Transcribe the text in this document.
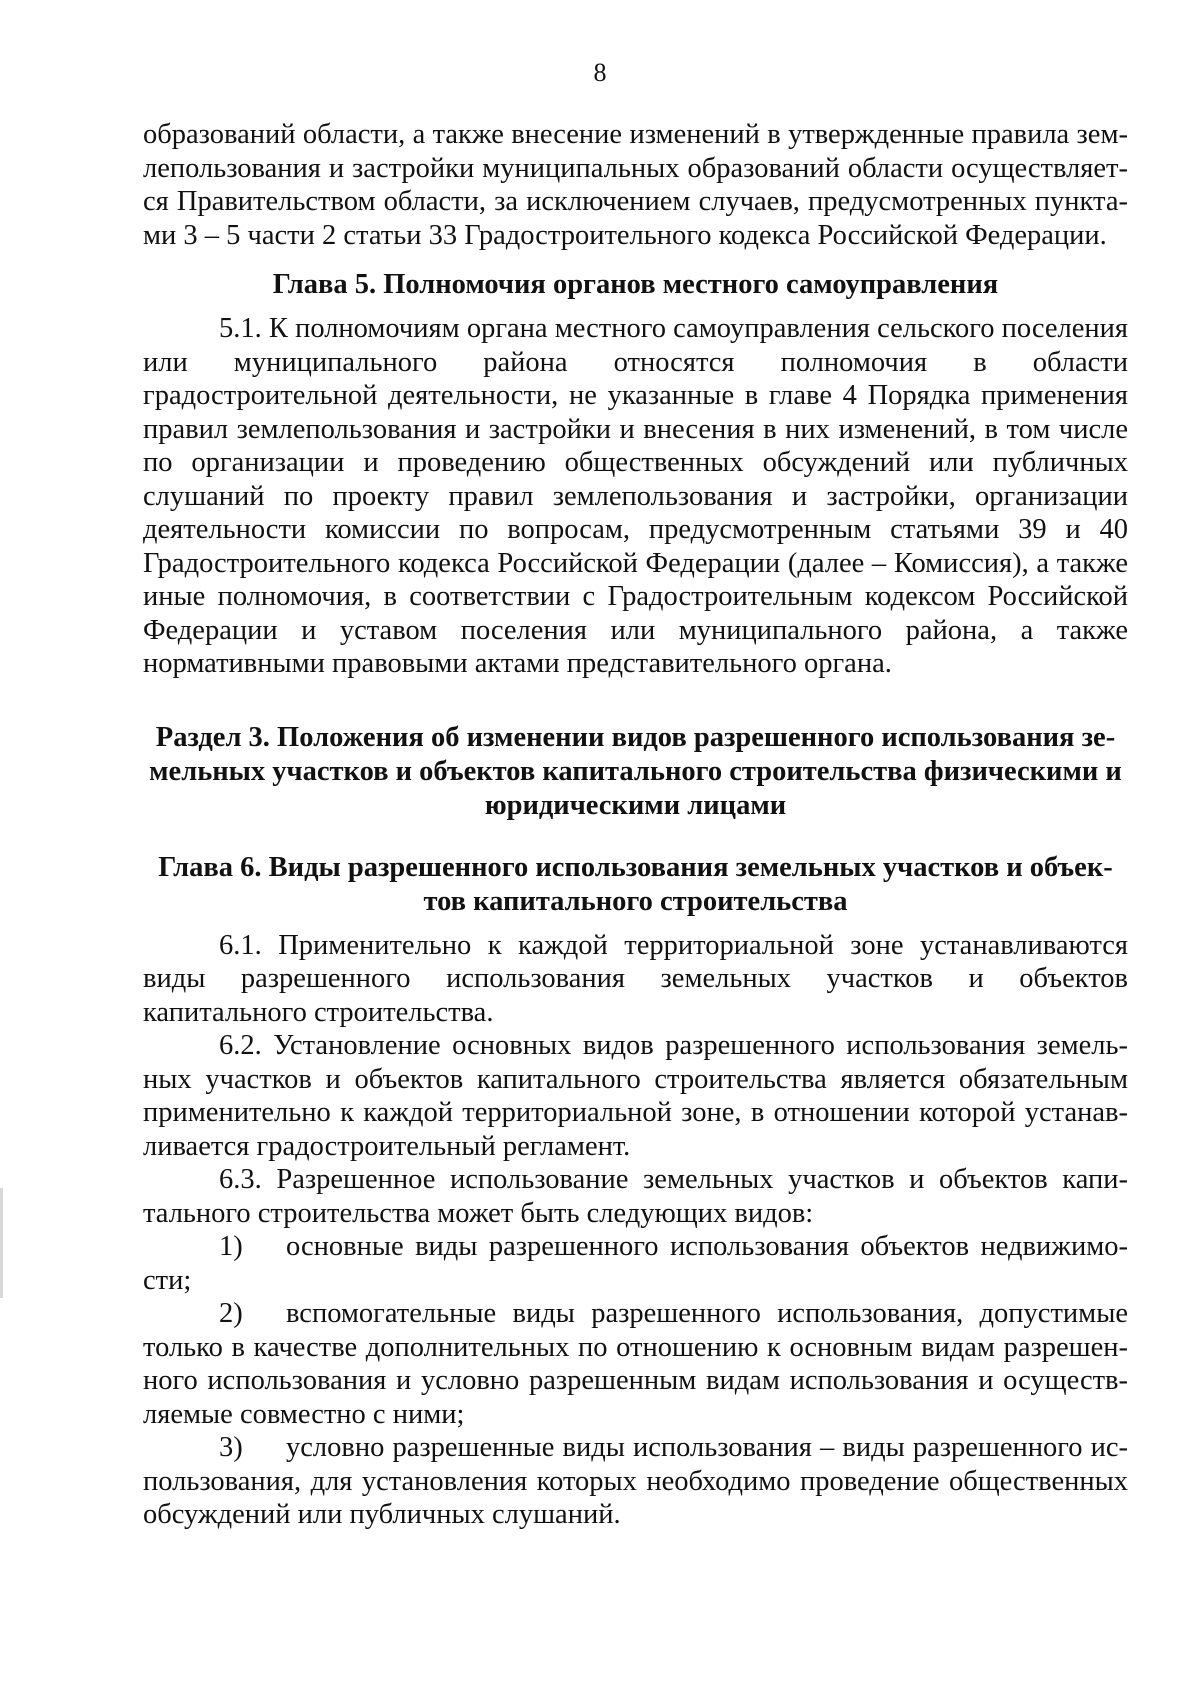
8

образований области, а также внесение изменений в утвержденные правила землепользования и застройки муниципальных образований области осуществляется Правительством области, за исключением случаев, предусмотренных пунктами 3 – 5 части 2 статьи 33 Градостроительного кодекса Российской Федерации.

Глава 5. Полномочия органов местного самоуправления

5.1. К полномочиям органа местного самоуправления сельского поселения или муниципального района относятся полномочия в области градостроительной деятельности, не указанные в главе 4 Порядка применения правил землепользования и застройки и внесения в них изменений, в том числе по организации и проведению общественных обсуждений или публичных слушаний по проекту правил землепользования и застройки, организации деятельности комиссии по вопросам, предусмотренным статьями 39 и 40 Градостроительного кодекса Российской Федерации (далее – Комиссия), а также иные полномочия, в соответствии с Градостроительным кодексом Российской Федерации и уставом поселения или муниципального района, а также нормативными правовыми актами представительного органа.

Раздел 3. Положения об изменении видов разрешенного использования земельных участков и объектов капитального строительства физическими и юридическими лицами
Глава 6. Виды разрешенного использования земельных участков и объектов капитального строительства

6.1. Применительно к каждой территориальной зоне устанавливаются виды разрешенного использования земельных участков и объектов капитального строительства.

6.2. Установление основных видов разрешенного использования земельных участков и объектов капитального строительства является обязательным применительно к каждой территориальной зоне, в отношении которой устанавливается градостроительный регламент.

6.3. Разрешенное использование земельных участков и объектов капитального строительства может быть следующих видов:

1) основные виды разрешенного использования объектов недвижимости;

2) вспомогательные виды разрешенного использования, допустимые только в качестве дополнительных по отношению к основным видам разрешенного использования и условно разрешенным видам использования и осуществляемые совместно с ними;

3) условно разрешенные виды использования – виды разрешенного использования, для установления которых необходимо проведение общественных обсуждений или публичных слушаний.
